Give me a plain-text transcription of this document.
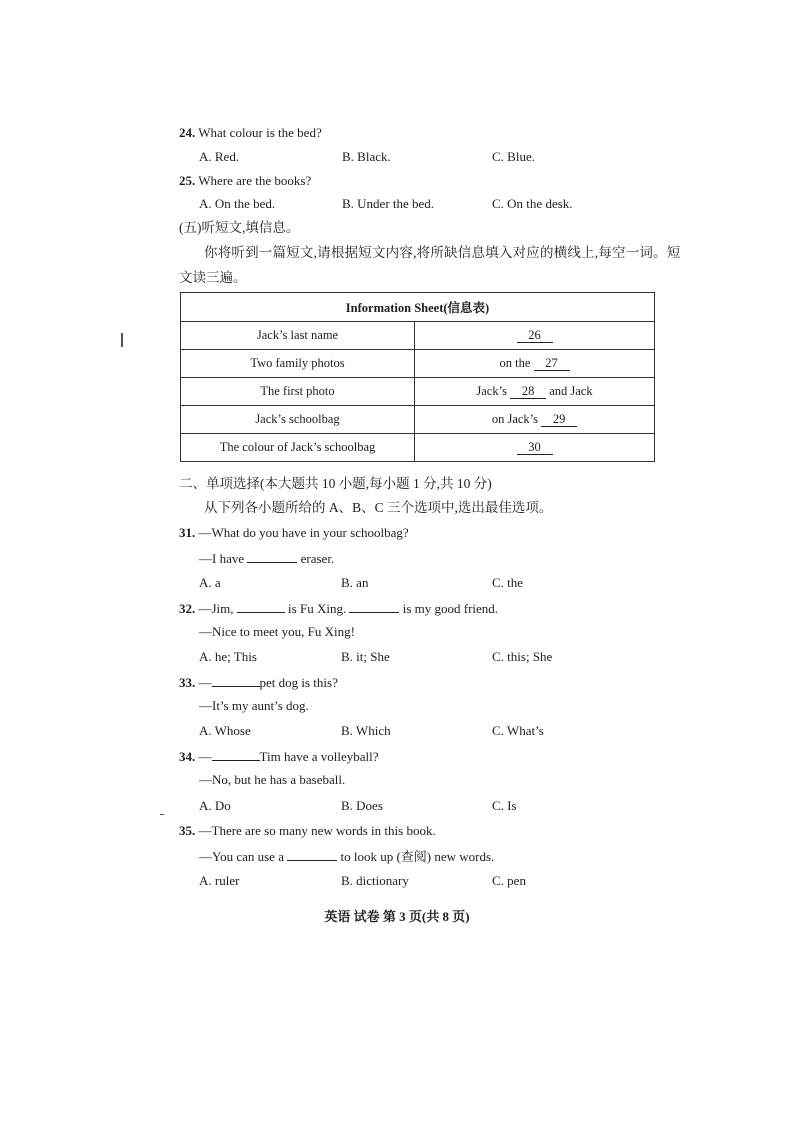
24. What colour is the bed?
A. Red.	B. Black.	C. Blue.
25. Where are the books?
A. On the bed.	B. Under the bed.	C. On the desk.
(五)听短文,填信息。
你将听到一篇短文,请根据短文内容,将所缺信息填入对应的横线上,每空一词。短
文读三遍。
Information Sheet(信息表)	
Jack’s last name	26
Two family photos	on the 27
The first photo	Jack’s 28 and Jack
Jack’s schoolbag	on Jack’s 29
The colour of Jack’s schoolbag	30
二、单项选择(本大题共 10 小题,每小题 1 分,共 10 分)
从下列各小题所给的 A、B、C 三个选项中,选出最佳选项。
31. —What do you have in your schoolbag?
—I have	eraser.
A. a	B. an	C. the
32. —Jim,	is Fu Xing.	is my good friend.
—Nice to meet you, Fu Xing!
A. he; This	B. it; She	C. this; She
33. —	pet dog is this?
—It’s my aunt’s dog.
A. Whose	B. Which	C. What’s
34. —	Tim have a volleyball?
—No, but he has a baseball.
A. Do	B. Does	C. Is
35. —There are so many new words in this book.
—You can use a	to look up (查阅) new words.
A. ruler	B. dictionary	C. pen
英语 试卷 第 3 页(共 8 页)
